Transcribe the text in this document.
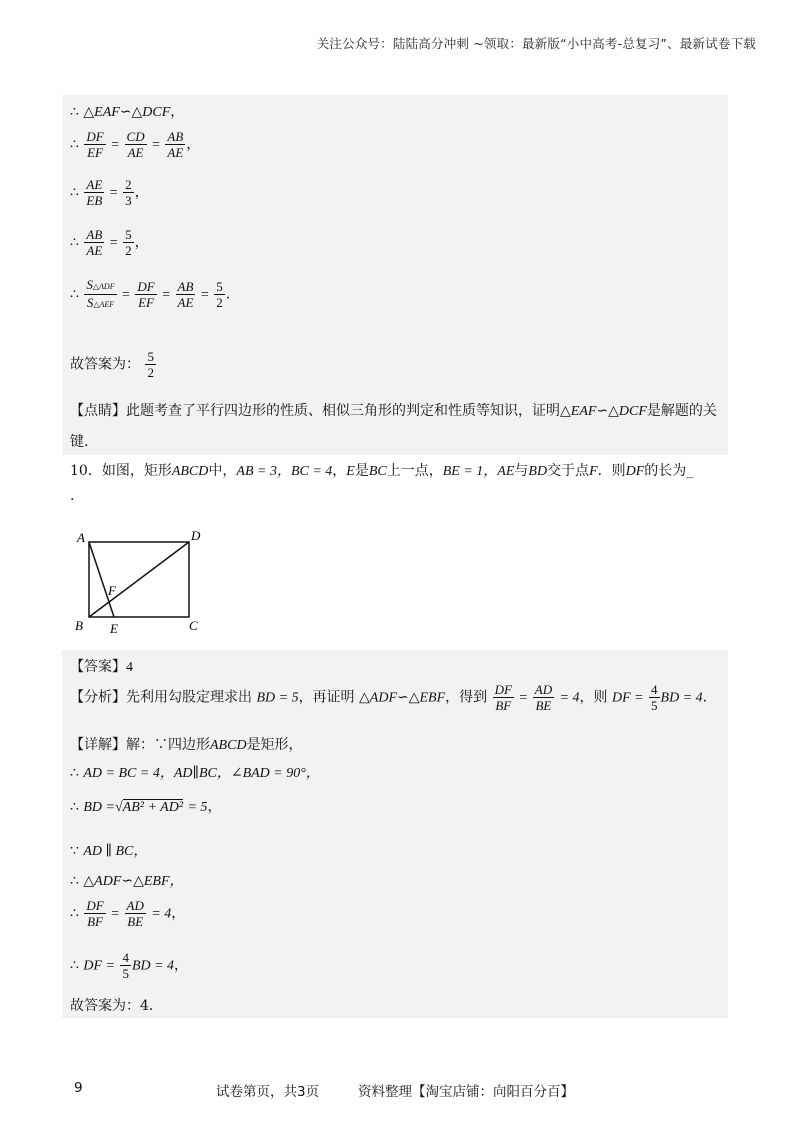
关注公众号：陆陆高分冲刺 ~领取：最新版“小中高考-总复习”、最新试卷下载
∴ △EAF∽△DCF，
∴ $\frac{DF}{EF} = \frac{CD}{AE} = \frac{AB}{AE}$ ，
∴ $\frac{AE}{EB} = \frac{2}{3}$ ，
∴ $\frac{AB}{AE} = \frac{5}{2}$ ，
∴ $\frac{\text{S△ADF}}{\text{S△AEF}} = \frac{DF}{EF} = \frac{AB}{AE} = \frac{5}{2}$ .
故答案为： $\frac{5}{2}$
【点睛】此题考查了平行四边形的性质、相似三角形的判定和性质等知识，证明△EAF∽△DCF是解题的关
键.
10．如图，矩形ABCD中，AB = 3，BC = 4，E是BC上一点，BE = 1，AE与BD交于点F．则DF的长为_
.
A	D
B E	C
F
【答案】4
【分析】先利用勾股定理求出 BD = 5，再证明 △ADF∽△EBF，得到 $\frac{DF}{BF} = \frac{AD}{BE} = 4$，则 DF = $\frac{4}{5}$ BD = 4.
【详解】解：∵四边形ABCD是矩形，
∴ AD = BC = 4，AD∥BC，∠BAD = 90°，
∴ BD =√AB² + AD² = 5，
∵ AD ∥ BC，
∴ △ADF∽△EBF，
∴ $\frac{DF}{BF} = \frac{AD}{BE} = 4$，
∴ DF = $\frac{4}{5}$ BD = 4，
故答案为：4.
9	试卷第页，共3页	资料整理【淘宝店铺：向阳百分百】
